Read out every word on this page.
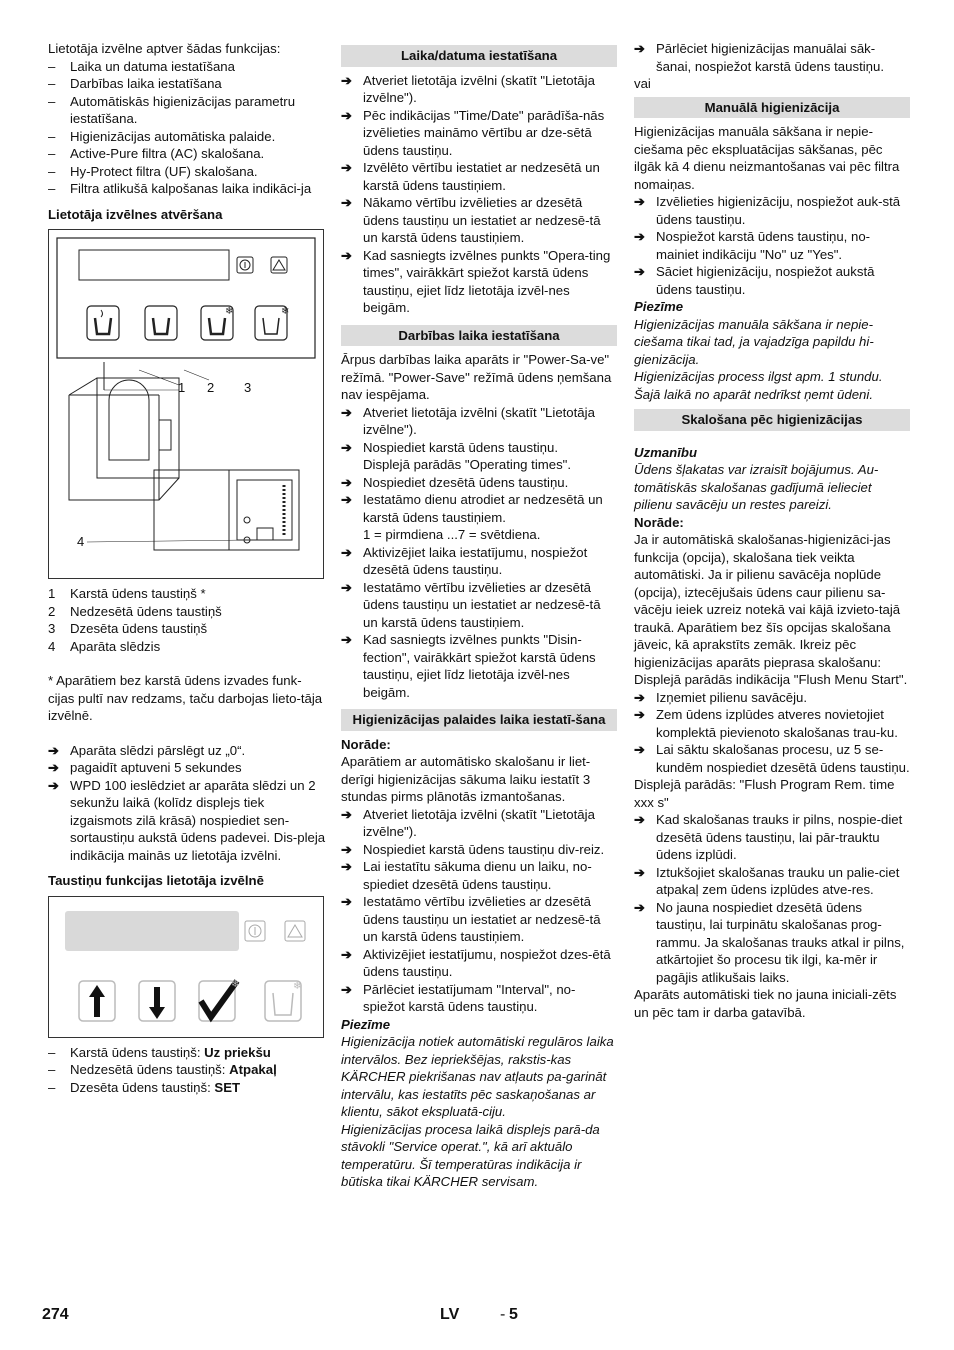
Lietotāja izvēlne aptver šādas funkcijas:

– Laika un datuma iestatīšana
– Darbības laika iestatīšana
– Automātiskās higienizācijas parametru iestatīšana.
– Higienizācijas automātiska palaide.
– Active-Pure filtra (AC) skalošana.
– Hy-Protect filtra (UF) skalošana.
– Filtra atlikušā kalpošanas laika indikāci-ja
Lietotāja izvēlnes atvēršana
❄	❄
1 2 3
4
1 Karstā ūdens taustiņš *
2 Nedzesētā ūdens taustiņš
3 Dzesēta ūdens taustiņš
4 Aparāta slēdzis

* Aparātiem bez karstā ūdens izvades funk-cijas pultī nav redzams, taču darbojas lieto-tāja izvēlnē.

➔ Aparāta slēdzi pārslēgt uz „0“.
➔ pagaidīt aptuveni 5 sekundes
➔ WPD 100 ieslēdziet ar aparāta slēdzi un 2 sekunžu laikā (kolīdz displejs tiek izgaismots zilā krāsā) nospiediet sen-sortaustiņu aukstā ūdens padevei. Dis-pleja indikācija mainās uz lietotāja izvēlni.
Taustiņu funkcijas lietotāja izvēlnē
❄	❄
– Karstā ūdens taustiņš: Uz priekšu
– Nedzesētā ūdens taustiņš: Atpakaļ
– Dzesēta ūdens taustiņš: SET
Laika/datuma iestatīšana
➔ Atveriet lietotāja izvēlni (skatīt "Lietotāja izvēlne").
➔ Pēc indikācijas "Time/Date" parādīša-nās izvēlieties maināmo vērtību ar dze-sētā ūdens taustiņu.
➔ Izvēlēto vērtību iestatiet ar nedzesētā un karstā ūdens taustiņiem.
➔ Nākamo vērtību izvēlieties ar dzesētā ūdens taustiņu un iestatiet ar nedzesē-tā un karstā ūdens taustiņiem.
➔ Kad sasniegts izvēlnes punkts "Opera-ting times", vairākkārt spiežot karstā ūdens taustiņu, ejiet līdz lietotāja izvēl-nes beigām.
Darbības laika iestatīšana

Ārpus darbības laika aparāts ir "Power-Sa-ve" režīmā. "Power-Save" režīmā ūdens ņemšana nav iespējama.

➔ Atveriet lietotāja izvēlni (skatīt "Lietotāja izvēlne").
➔ Nospiediet karstā ūdens taustiņu.

Displejā parādās "Operating times".

➔ Nospiediet dzesētā ūdens taustiņu.
➔ Iestatāmo dienu atrodiet ar nedzesētā un karstā ūdens taustiņiem.

1 = pirmdiena ...7 = svētdiena.

➔ Aktivizējiet laika iestatījumu, nospiežot dzesētā ūdens taustiņu.
➔ Iestatāmo vērtību izvēlieties ar dzesētā ūdens taustiņu un iestatiet ar nedzesē-tā un karstā ūdens taustiņiem.
➔ Kad sasniegts izvēlnes punkts "Disin-fection", vairākkārt spiežot karstā ūdens taustiņu, ejiet līdz lietotāja izvēl-nes beigām.
Higienizācijas palaides laika iestatī-šana
Norāde:

Aparātiem ar automātisko skalošanu ir liet-derīgi higienizācijas sākuma laiku iestatīt 3 stundas pirms plānotās izmantošanas.

➔ Atveriet lietotāja izvēlni (skatīt "Lietotāja izvēlne").
➔ Nospiediet karstā ūdens taustiņu div-reiz.
➔ Lai iestatītu sākuma dienu un laiku, no-spiediet dzesētā ūdens taustiņu.
➔ Iestatāmo vērtību izvēlieties ar dzesētā ūdens taustiņu un iestatiet ar nedzesē-tā un karstā ūdens taustiņiem.
➔ Aktivizējiet iestatījumu, nospiežot dzes-ētā ūdens taustiņu.
➔ Pārlēciet iestatījumam "Interval", no-spiežot karstā ūdens taustiņu.

Piezīme

Higienizācija notiek automātiski regulāros laika intervālos. Bez iepriekšējas, rakstis-kas KÄRCHER piekrišanas nav atļauts pa-garināt intervālu, kas iestatīts pēc saskaņošanas ar klientu, sākot ekspluatā-ciju.

Higienizācijas procesa laikā displejs parā-da stāvokli "Service operat.", kā arī aktuālo temperatūru. Šī temperatūras indikācija ir būtiska tikai KÄRCHER servisam.

➔ Pārlēciet higienizācijas manuālai sāk-šanai, nospiežot karstā ūdens taustiņu.

vai

Manuālā higienizācija

Higienizācijas manuāla sākšana ir nepie-ciešama pēc ekspluatācijas sākšanas, pēc ilgāk kā 4 dienu neizmantošanas vai pēc filtra nomaiņas.

➔ Izvēlieties higienizāciju, nospiežot auk-stā ūdens taustiņu.
➔ Nospiežot karstā ūdens taustiņu, no-mainiet indikāciju "No" uz "Yes".
➔ Sāciet higienizāciju, nospiežot aukstā ūdens taustiņu.

Piezīme

Higienizācijas manuāla sākšana ir nepie-ciešama tikai tad, ja vajadzīga papildu hi-gienizācija.

Higienizācijas process ilgst apm. 1 stundu. Šajā laikā no aparāt nedrīkst ņemt ūdeni.

Skalošana pēc higienizācijas

Uzmanību

Ūdens šļakatas var izraisīt bojājumus. Au-tomātiskās skalošanas gadījumā ielieciet pilienu savācēju un restes pareizi.

Norāde:

Ja ir automātiskā skalošanas-higienizāci-jas funkcija (opcija), skalošana tiek veikta automātiski. Ja ir pilienu savācēja noplūde (opcija), iztecējušais ūdens caur pilienu sa-vācēju ieiek uzreiz notekā vai kājā izvieto-tajā traukā. Aparātiem bez šīs opcijas skalošana jāveic, kā aprakstīts zemāk. Ikreiz pēc higienizācijas aparāts pieprasa skalošanu: Displejā parādās indikācija "Flush Menu Start".

➔ Izņemiet pilienu savācēju.
➔ Zem ūdens izplūdes atveres novietojiet komplektā pievienoto skalošanas trau-ku.
➔ Lai sāktu skalošanas procesu, uz 5 se-kundēm nospiediet dzesētā ūdens taustiņu.

Displejā parādās: "Flush Program Rem. time xxx s"

➔ Kad skalošanas trauks ir pilns, nospie-diet dzesētā ūdens taustiņu, lai pār-trauktu ūdens izplūdi.
➔ Iztukšojiet skalošanas trauku un palie-ciet atpakaļ zem ūdens izplūdes atve-res.
➔ No jauna nospiediet dzesētā ūdens taustiņu, lai turpinātu skalošanas prog-rammu. Ja skalošanas trauks atkal ir pilns, atkārtojiet šo procesu tik ilgi, ka-mēr ir pagājis atlikušais laiks.

Aparāts automātiski tiek no jauna iniciali-zēts un pēc tam ir darba gatavībā.

274	LV	- 5
